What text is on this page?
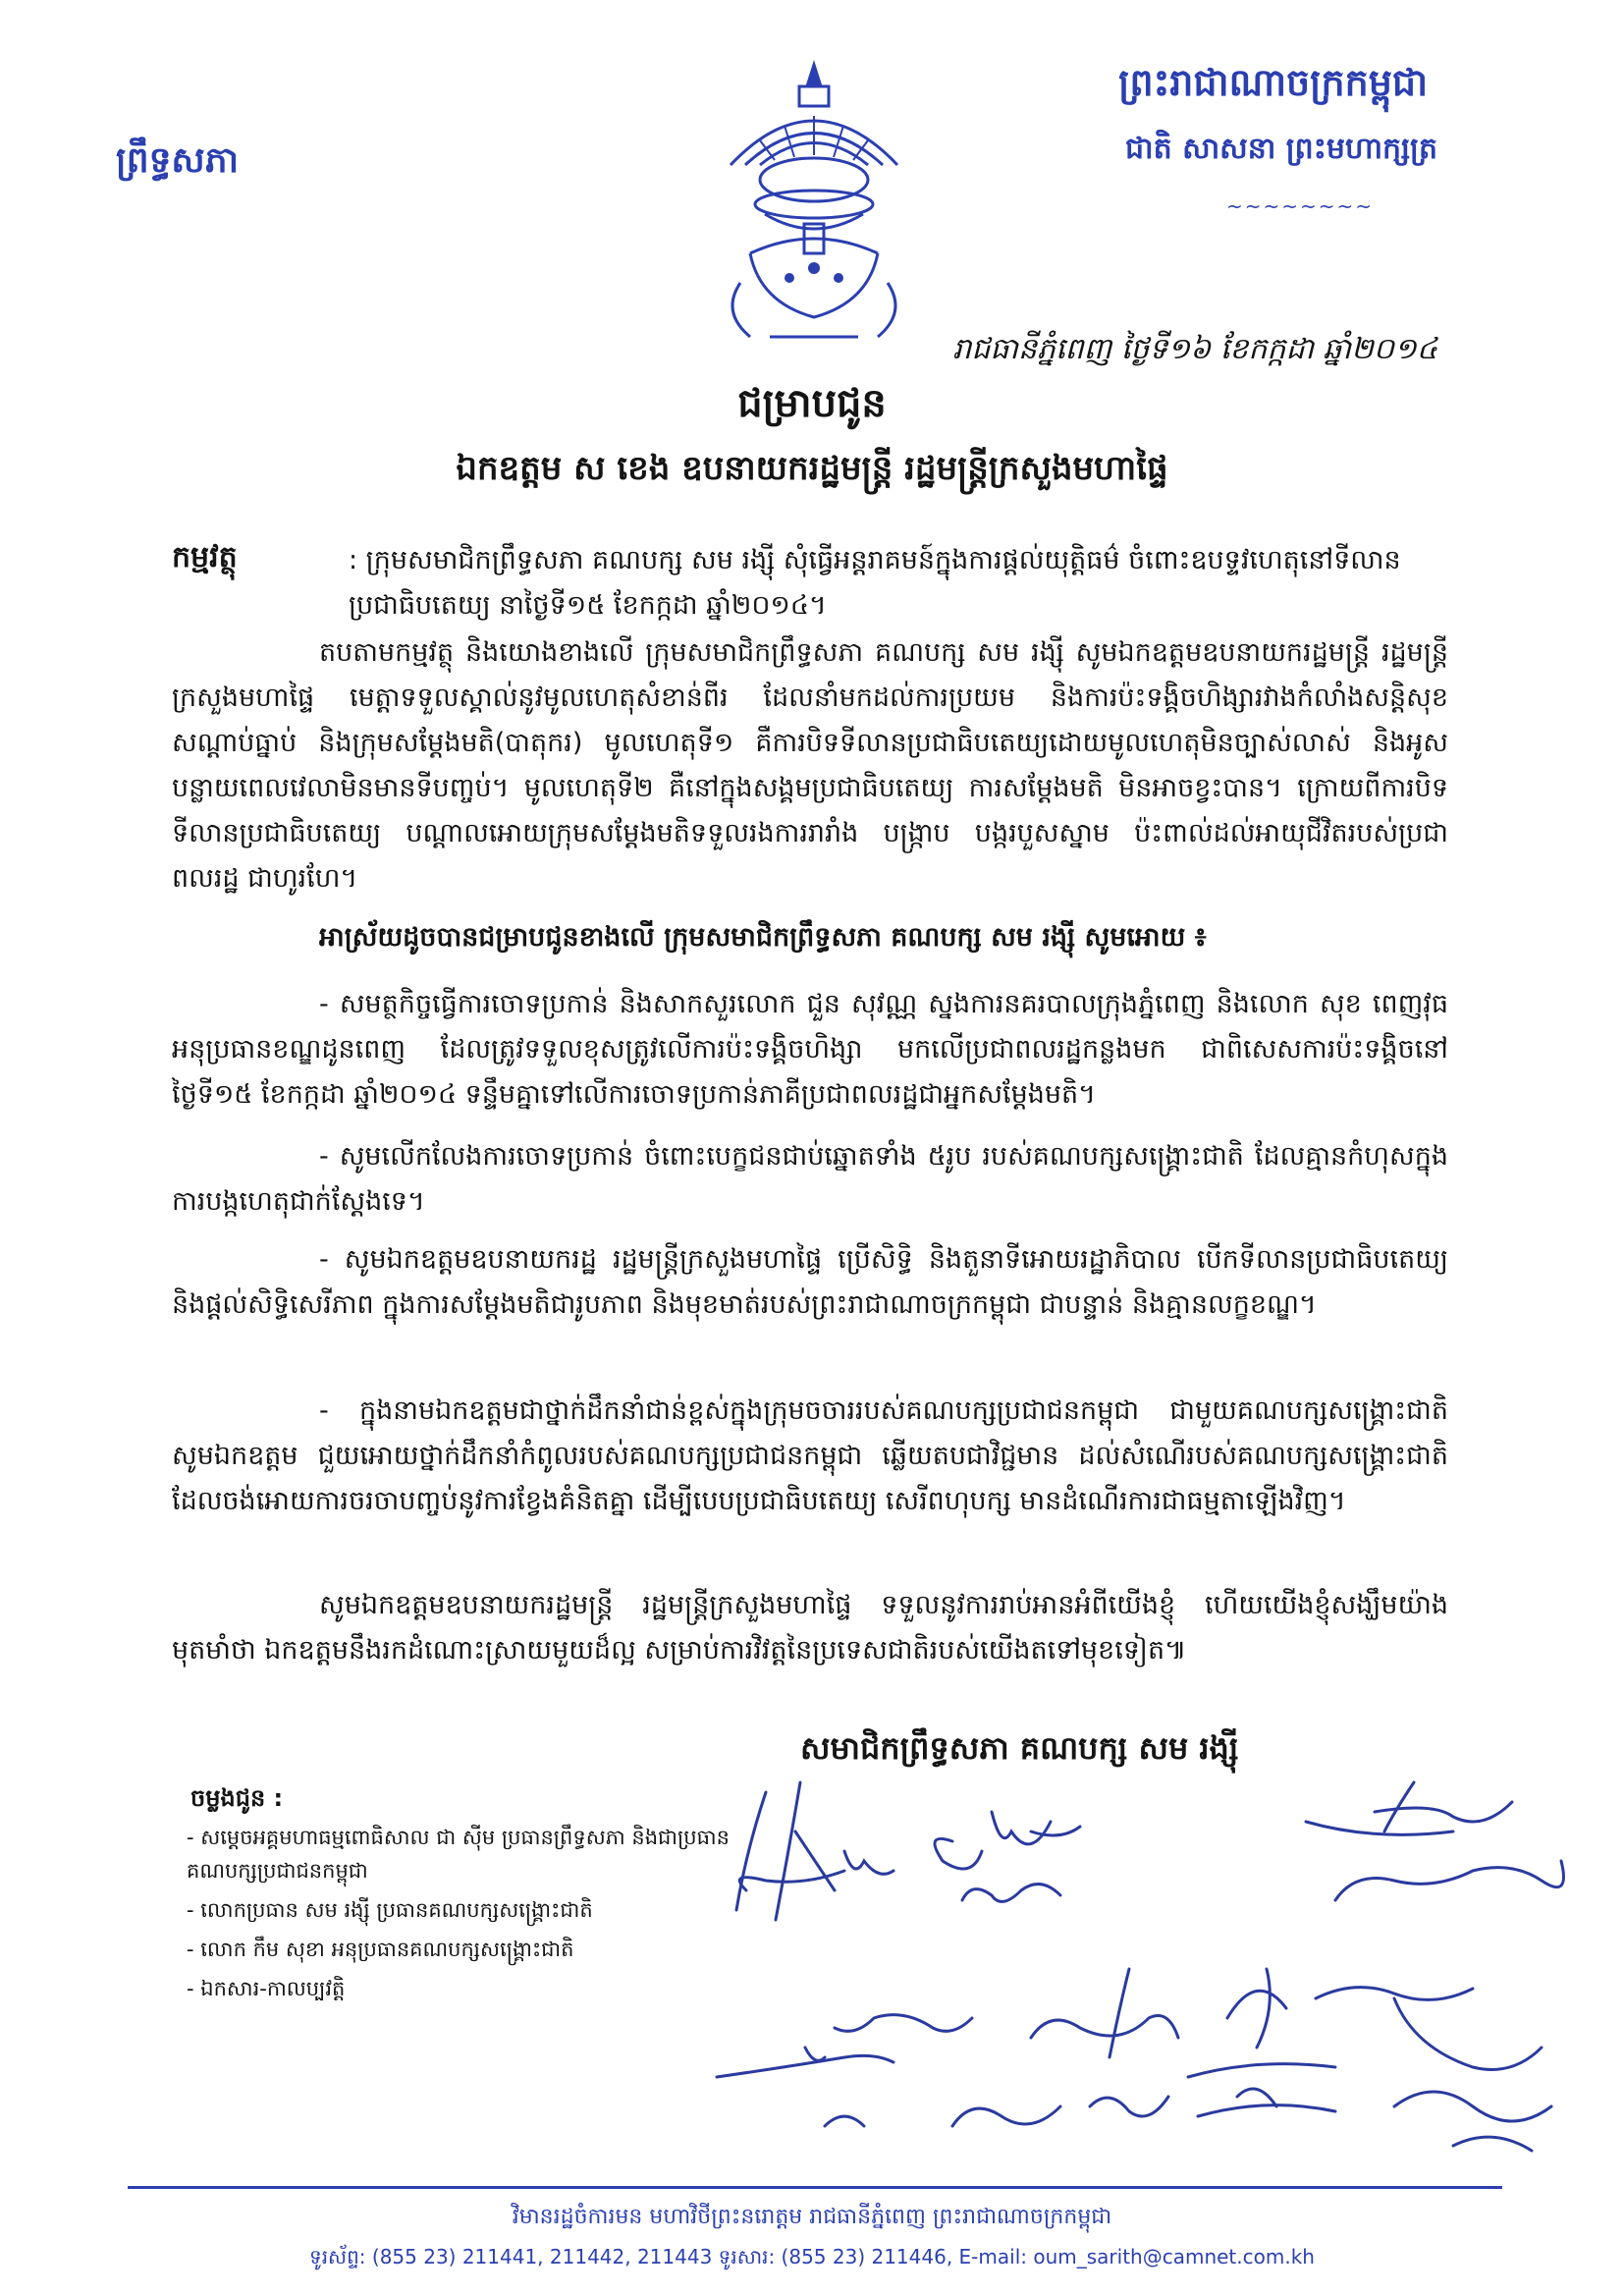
ព្រឹទ្ធសភា
ព្រះរាជាណាចក្រកម្ពុជា
ជាតិ សាសនា ព្រះមហាក្សត្រ
~~~~~~~~
រាជធានីភ្នំពេញ ថ្ងៃទី១៦ ខែកក្កដា ឆ្នាំ២០១៤
ជម្រាបជូន
ឯកឧត្តម ស ខេង ឧបនាយករដ្ឋមន្ត្រី រដ្ឋមន្ត្រីក្រសួងមហាផ្ទៃ
កម្មវត្ថុ	: ក្រុមសមាជិកព្រឹទ្ធសភា គណបក្ស សម រង្ស៊ី សុំធ្វើអន្តរាគមន៍ក្នុងការផ្ដល់យុត្តិធម៌ ចំពោះឧបទ្ទវហេតុនៅទីលានប្រជាធិបតេយ្យ នាថ្ងៃទី១៥ ខែកក្កដា ឆ្នាំ២០១៤។
តបតាមកម្មវត្ថុ និងយោងខាងលើ ក្រុមសមាជិកព្រឹទ្ធសភា គណបក្ស សម រង្ស៊ី សូមឯកឧត្តមឧបនាយករដ្ឋមន្ត្រី រដ្ឋមន្ត្រីក្រសួងមហាផ្ទៃ មេត្តាទទួលស្គាល់នូវមូលហេតុសំខាន់ពីរ ដែលនាំមកដល់ការប្រយម និងការប៉ះទង្គិចហិង្សារវាងកំលាំងសន្តិសុខសណ្ដាប់ធ្នាប់ និងក្រុមសម្ដែងមតិ(បាតុករ) មូលហេតុទី១ គឺការបិទទីលានប្រជាធិបតេយ្យដោយមូលហេតុមិនច្បាស់លាស់ និងអូសបន្លាយពេលវេលាមិនមានទីបញ្ចប់។ មូលហេតុទី២ គឺនៅក្នុងសង្គមប្រជាធិបតេយ្យ ការសម្ដែងមតិ មិនអាចខ្វះបាន។ ក្រោយពីការបិទទីលានប្រជាធិបតេយ្យ បណ្ដាលអោយក្រុមសម្ដែងមតិទទួលរងការរារាំង បង្ក្រាប បង្ករបួសស្នាម ប៉ះពាល់ដល់អាយុជីវិតរបស់ប្រជាពលរដ្ឋ ជាហូរហែ។
អាស្រ័យដូចបានជម្រាបជូនខាងលើ ក្រុមសមាជិកព្រឹទ្ធសភា គណបក្ស សម រង្ស៊ី សូមអោយ ៖
- សមត្ថកិច្ចធ្វើការចោទប្រកាន់ និងសាកសួរលោក ជួន សុវណ្ណ ស្នងការនគរបាលក្រុងភ្នំពេញ និងលោក សុខ ពេញវុធ អនុប្រធានខណ្ឌដូនពេញ ដែលត្រូវទទួលខុសត្រូវលើការប៉ះទង្គិចហិង្សា មកលើប្រជាពលរដ្ឋកន្លងមក ជាពិសេសការប៉ះទង្គិចនៅថ្ងៃទី១៥ ខែកក្កដា ឆ្នាំ២០១៤ ទន្ទឹមគ្នាទៅលើការចោទប្រកាន់ភាគីប្រជាពលរដ្ឋជាអ្នកសម្ដែងមតិ។
- សូមលើកលែងការចោទប្រកាន់ ចំពោះបេក្ខជនជាប់ឆ្នោតទាំង ៥រូប របស់គណបក្សសង្គ្រោះជាតិ ដែលគ្មានកំហុសក្នុងការបង្កហេតុជាក់ស្ដែងទេ។
- សូមឯកឧត្តមឧបនាយករដ្ឋ រដ្ឋមន្ត្រីក្រសួងមហាផ្ទៃ ប្រើសិទ្ធិ និងតួនាទីអោយរដ្ឋាភិបាល បើកទីលានប្រជាធិបតេយ្យ និងផ្ដល់សិទ្ធិសេរីភាព ក្នុងការសម្ដែងមតិជារូបភាព និងមុខមាត់របស់ព្រះរាជាណាចក្រកម្ពុជា ជាបន្ទាន់ និងគ្មានលក្ខខណ្ឌ។
- ក្នុងនាមឯកឧត្តមជាថ្នាក់ដឹកនាំជាន់ខ្ពស់ក្នុងក្រុមចចាររបស់គណបក្សប្រជាជនកម្ពុជា ជាមួយគណបក្សសង្គ្រោះជាតិ សូមឯកឧត្តម ជួយអោយថ្នាក់ដឹកនាំកំពូលរបស់គណបក្សប្រជាជនកម្ពុជា ឆ្លើយតបជាវិជ្ជមាន ដល់សំណើរបស់គណបក្សសង្គ្រោះជាតិ ដែលចង់អោយការចរចាបញ្ចប់នូវការខ្វែងគំនិតគ្នា ដើម្បីបេបប្រជាធិបតេយ្យ សេរីពហុបក្ស មានដំណើរការជាធម្មតាឡើងវិញ។
សូមឯកឧត្តមឧបនាយករដ្ឋមន្ត្រី រដ្ឋមន្ត្រីក្រសួងមហាផ្ទៃ ទទួលនូវការរាប់អានអំពីយើងខ្ញុំ ហើយយើងខ្ញុំសង្ឃឹមយ៉ាងមុតមាំថា ឯកឧត្តមនឹងរកដំណោះស្រាយមួយដ៏ល្អ សម្រាប់ការវិវត្តនៃប្រទេសជាតិរបស់យើងតទៅមុខទៀត៕
សមាជិកព្រឹទ្ធសភា គណបក្ស សម រង្ស៊ី
ចម្លងជូន :
- សម្ដេចអគ្គមហាធម្មពោធិសាល ជា ស៊ីម ប្រធានព្រឹទ្ធសភា និងជាប្រធានគណបក្សប្រជាជនកម្ពុជា
- លោកប្រធាន សម រង្ស៊ី ប្រធានគណបក្សសង្គ្រោះជាតិ
- លោក កឹម សុខា អនុប្រធានគណបក្សសង្គ្រោះជាតិ
- ឯកសារ-កាលប្បវត្តិ
វិមានរដ្ឋចំការមន មហាវិថីព្រះនរោត្តម រាជធានីភ្នំពេញ ព្រះរាជាណាចក្រកម្ពុជា
ទូរស័ព្ទ: (855 23) 211441, 211442, 211443 ទូរសារ: (855 23) 211446, E-mail: oum_sarith@camnet.com.kh
